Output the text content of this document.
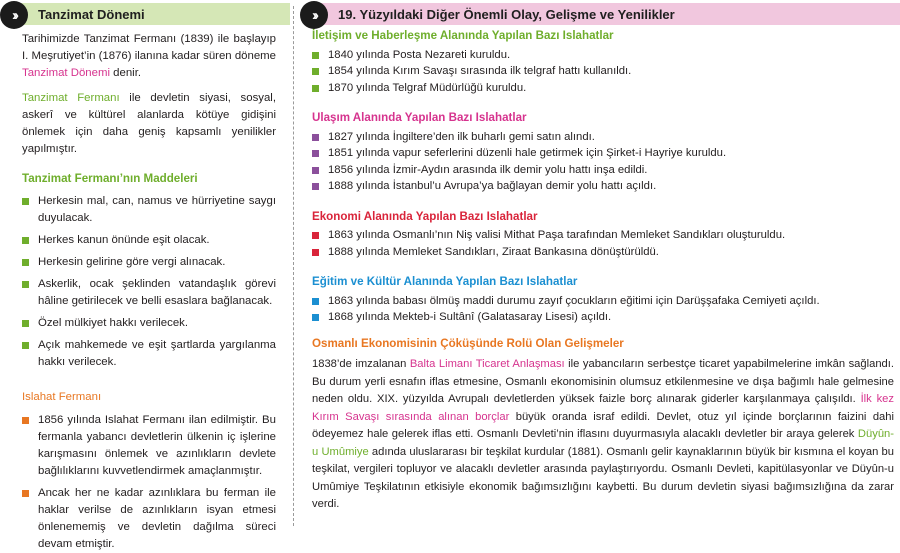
››	Tanzimat Dönemi

Tarihimizde Tanzimat Fermanı (1839) ile başlayıp I. Meşrutiyet’in (1876) ilanına kadar süren döneme Tanzimat Dönemi denir.

Tanzimat Fermanı ile devletin siyasi, sosyal, askerî ve kültürel alanlarda kötüye gidişini önlemek için daha geniş kapsamlı yenilikler yapılmıştır.

Tanzimat Fermanı’nın Maddeleri
Herkesin mal, can, namus ve hürriyetine saygı duyulacak.
Herkes kanun önünde eşit olacak.
Herkesin gelirine göre vergi alınacak.
Askerlik, ocak şeklinden vatandaşlık görevi hâline getirilecek ve belli esaslara bağlanacak.
Özel mülkiyet hakkı verilecek.
Açık mahkemede ve eşit şartlarda yargılanma hakkı verilecek.
Islahat Fermanı
1856 yılında Islahat Fermanı ilan edilmiştir. Bu fermanla yabancı devletlerin ülkenin iç işlerine karışmasını önlemek ve azınlıkların devlete bağlılıklarını kuvvetlendirmek amaçlanmıştır.
Ancak her ne kadar azınlıklara bu ferman ile haklar verilse de azınlıkların isyan etmesi önlenememiş ve devletin dağılma süreci devam etmiştir.
››	19. Yüzyıldaki Diğer Önemli Olay, Gelişme ve Yenilikler
İletişim ve Haberleşme Alanında Yapılan Bazı Islahatlar
1840 yılında Posta Nezareti kuruldu.
1854 yılında Kırım Savaşı sırasında ilk telgraf hattı kullanıldı.
1870 yılında Telgraf Müdürlüğü kuruldu.
Ulaşım Alanında Yapılan Bazı Islahatlar
1827 yılında İngiltere’den ilk buharlı gemi satın alındı.
1851 yılında vapur seferlerini düzenli hale getirmek için Şirket-i Hayriye kuruldu.
1856 yılında İzmir-Aydın arasında ilk demir yolu hattı inşa edildi.
1888 yılında İstanbul’u Avrupa’ya bağlayan demir yolu hattı açıldı.
Ekonomi Alanında Yapılan Bazı Islahatlar
1863 yılında Osmanlı’nın Niş valisi Mithat Paşa tarafından Memleket Sandıkları oluşturuldu.
1888 yılında Memleket Sandıkları, Ziraat Bankasına dönüştürüldü.
Eğitim ve Kültür Alanında Yapılan Bazı Islahatlar
1863 yılında babası ölmüş maddi durumu zayıf çocukların eğitimi için Darüşşafaka Cemiyeti açıldı.
1868 yılında Mekteb-i Sultânî (Galatasaray Lisesi) açıldı.
Osmanlı Ekonomisinin Çöküşünde Rolü Olan Gelişmeler

1838’de imzalanan Balta Limanı Ticaret Anlaşması ile yabancıların serbestçe ticaret yapabilmelerine imkân sağlandı. Bu durum yerli esnafın iflas etmesine, Osmanlı ekonomisinin olumsuz etkilenmesine ve dışa bağımlı hale gelmesine neden oldu. XIX. yüzyılda Avrupalı devletlerden yüksek faizle borç alınarak giderler karşılanmaya çalışıldı. İlk kez Kırım Savaşı sırasında alınan borçlar büyük oranda israf edildi. Devlet, otuz yıl içinde borçlarının faizini dahi ödeyemez hale gelerek iflas etti. Osmanlı Devleti’nin iflasını duyurmasıyla alacaklı devletler bir araya gelerek Düyûn-u Umûmiye adında uluslararası bir teşkilat kurdular (1881). Osmanlı gelir kaynaklarının büyük bir kısmına el koyan bu teşkilat, vergileri topluyor ve alacaklı devletler arasında paylaştırıyordu. Osmanlı Devleti, kapitülasyonlar ve Düyûn-u Umûmiye Teşkilatının etkisiyle ekonomik bağımsızlığını kaybetti. Bu durum devletin siyasi bağımsızlığına da zarar verdi.
